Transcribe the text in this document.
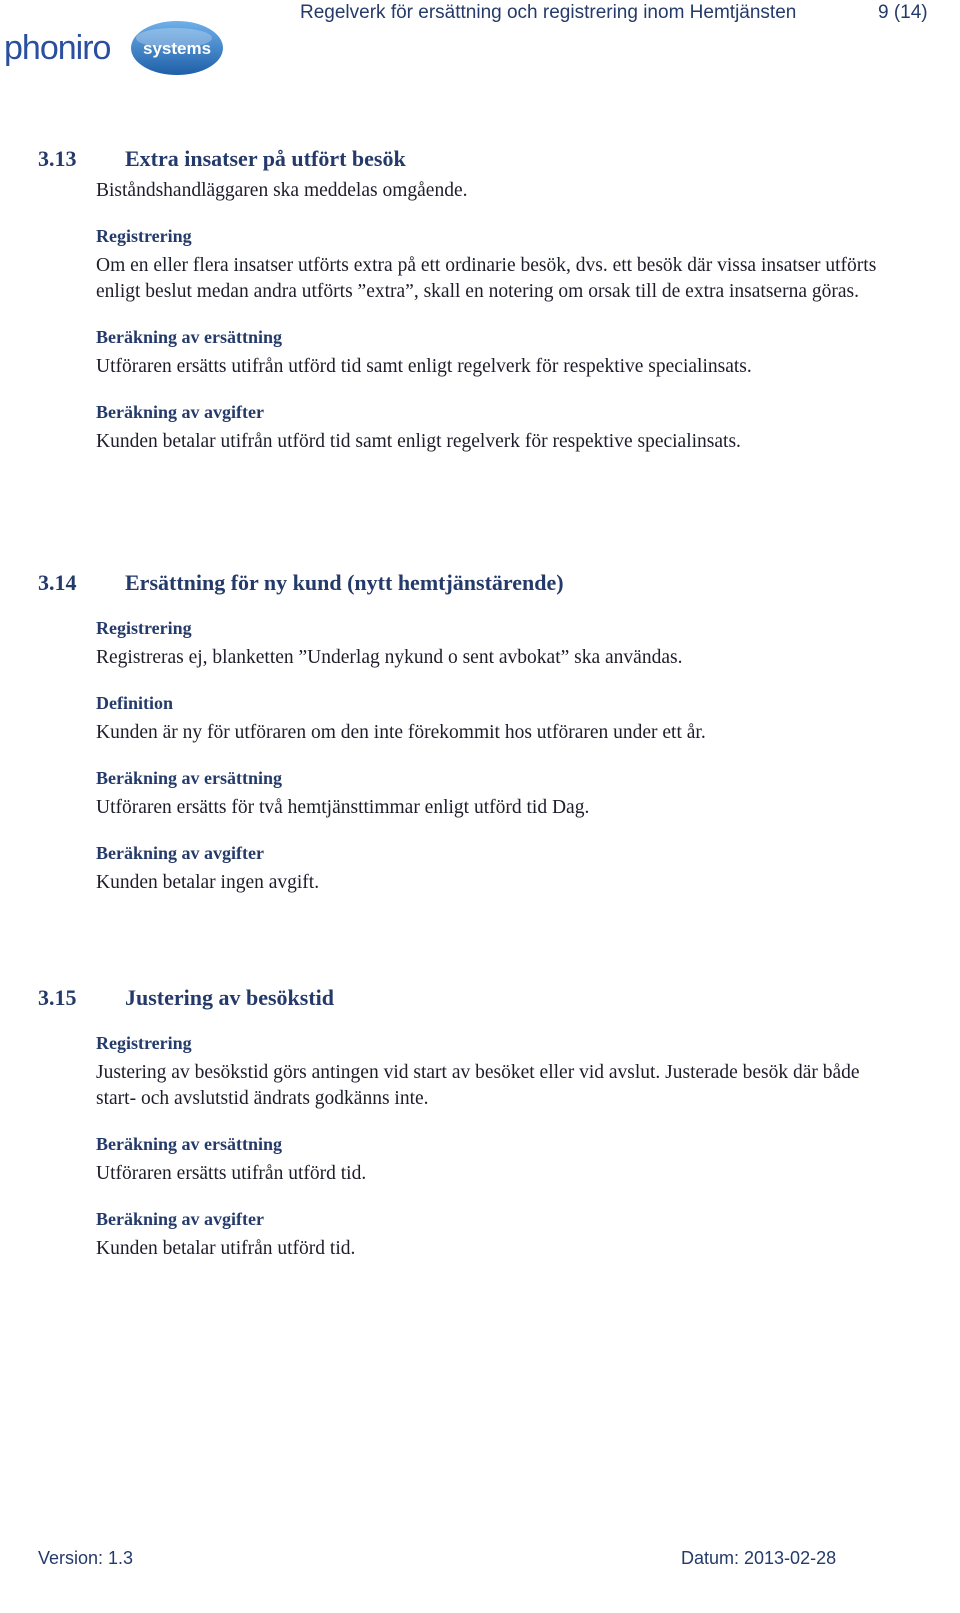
Regelverk för ersättning och registrering inom Hemtjänsten	9 (14)
phoniro systems
3.13 Extra insatser på utfört besök
Biståndshandläggaren ska meddelas omgående.
Registrering
Om en eller flera insatser utförts extra på ett ordinarie besök, dvs. ett besök där vissa insatser utförts enligt beslut medan andra utförts ”extra”, skall en notering om orsak till de extra insatserna göras.
Beräkning av ersättning
Utföraren ersätts utifrån utförd tid samt enligt regelverk för respektive specialinsats.
Beräkning av avgifter
Kunden betalar utifrån utförd tid samt enligt regelverk för respektive specialinsats.
3.14 Ersättning för ny kund (nytt hemtjänstärende)
Registrering
Registreras ej, blanketten ”Underlag nykund o sent avbokat” ska användas.
Definition
Kunden är ny för utföraren om den inte förekommit hos utföraren under ett år.
Beräkning av ersättning
Utföraren ersätts för två hemtjänsttimmar enligt utförd tid Dag.
Beräkning av avgifter
Kunden betalar ingen avgift.
3.15 Justering av besökstid
Registrering
Justering av besökstid görs antingen vid start av besöket eller vid avslut. Justerade besök där både start- och avslutstid ändrats godkänns inte.
Beräkning av ersättning
Utföraren ersätts utifrån utförd tid.
Beräkning av avgifter
Kunden betalar utifrån utförd tid.
Version: 1.3	Datum: 2013-02-28
